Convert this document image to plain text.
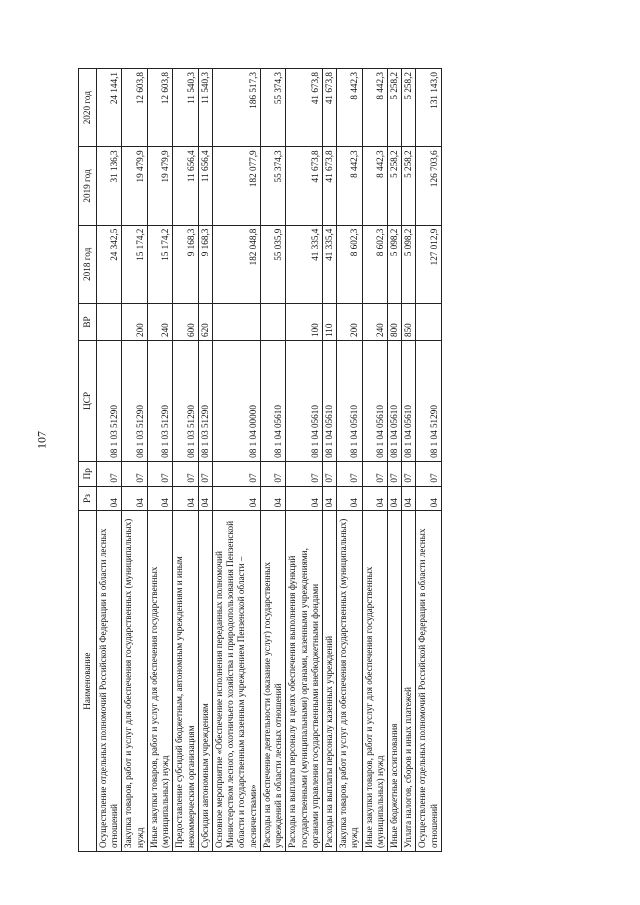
107
Наименование	Рз	Пр	ЦСР	ВР	2018 год	2019 год	2020 год
Осуществление отдельных полномочий Российской Федерации в области лесных отношений	04	07	08 1 03 51290		24 342,5	31 136,3	24 144,1
Закупка товаров, работ и услуг для обеспечения государственных (муниципальных) нужд	04	07	08 1 03 51290	200	15 174,2	19 479,9	12 603,8
Иные закупки товаров, работ и услуг для обеспечения государственных (муниципальных) нужд	04	07	08 1 03 51290	240	15 174,2	19 479,9	12 603,8
Предоставление субсидий бюджетным, автономным учреждениям и иным некоммерческим организациям	04	07	08 1 03 51290	600	9 168,3	11 656,4	11 540,3
Субсидии автономным учреждениям	04	07	08 1 03 51290	620	9 168,3	11 656,4	11 540,3
Основное мероприятие «Обеспечение исполнения переданных полномочий Министерством лесного, охотничьего хозяйства и природопользования Пензенской области и государственным казенным учреждением Пензенской области – лесничествами»	04	07	08 1 04 00000		182 048,8	182 077,9	186 517,3
Расходы на обеспечение деятельности (оказание услуг) государственных учреждений в области лесных отношений	04	07	08 1 04 05610		55 035,9	55 374,3	55 374,3
Расходы на выплаты персоналу в целях обеспечения выполнения функций государственными (муниципальными) органами, казенными учреждениями, органами управления государственными внебюджетными фондами	04	07	08 1 04 05610	100	41 335,4	41 673,8	41 673,8
Расходы на выплаты персоналу казенных учреждений	04	07	08 1 04 05610	110	41 335,4	41 673,8	41 673,8
Закупка товаров, работ и услуг для обеспечения государственных (муниципальных) нужд	04	07	08 1 04 05610	200	8 602,3	8 442,3	8 442,3
Иные закупки товаров, работ и услуг для обеспечения государственных (муниципальных) нужд	04	07	08 1 04 05610	240	8 602,3	8 442,3	8 442,3
Иные бюджетные ассигнования	04	07	08 1 04 05610	800	5 098,2	5 258,2	5 258,2
Уплата налогов, сборов и иных платежей	04	07	08 1 04 05610	850	5 098,2	5 258,2	5 258,2
Осуществление отдельных полномочий Российской Федерации в области лесных отношений	04	07	08 1 04 51290		127 012,9	126 703,6	131 143,0
